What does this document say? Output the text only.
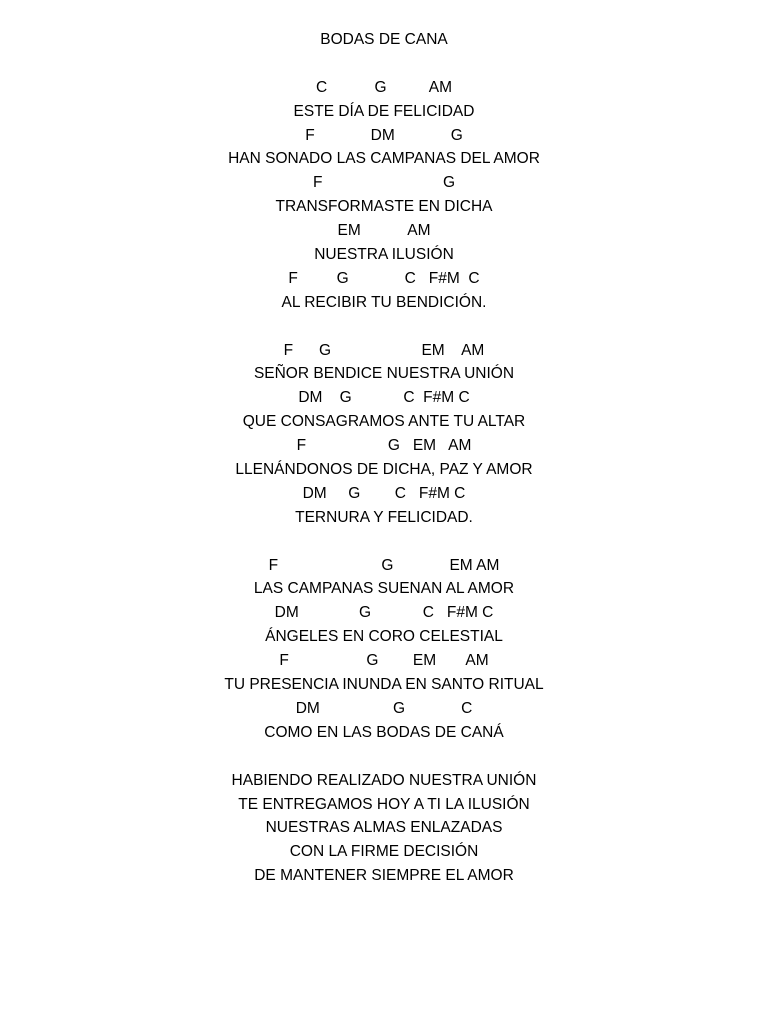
BODAS DE CANA
C           G          AM
ESTE DÍA DE FELICIDAD
F             DM             G
HAN SONADO LAS CAMPANAS DEL AMOR
F                            G
TRANSFORMASTE EN DICHA
EM           AM
NUESTRA ILUSIÓN
F         G             C   F#M  C
AL RECIBIR TU BENDICIÓN.
F      G                     EM    AM
SEÑOR BENDICE NUESTRA UNIÓN
DM    G            C  F#M C
QUE CONSAGRAMOS ANTE TU ALTAR
F                   G   EM   AM
LLENÁNDONOS DE DICHA, PAZ Y AMOR
DM     G        C   F#M C
TERNURA Y FELICIDAD.
F                        G             EM AM
LAS CAMPANAS SUENAN AL AMOR
DM              G            C   F#M C
ÁNGELES EN CORO CELESTIAL
F                  G        EM       AM
TU PRESENCIA INUNDA EN SANTO RITUAL
DM                 G             C
COMO EN LAS BODAS DE CANÁ
HABIENDO REALIZADO NUESTRA UNIÓN
TE ENTREGAMOS HOY A TI LA ILUSIÓN
NUESTRAS ALMAS ENLAZADAS
CON LA FIRME DECISIÓN
DE MANTENER SIEMPRE EL AMOR
